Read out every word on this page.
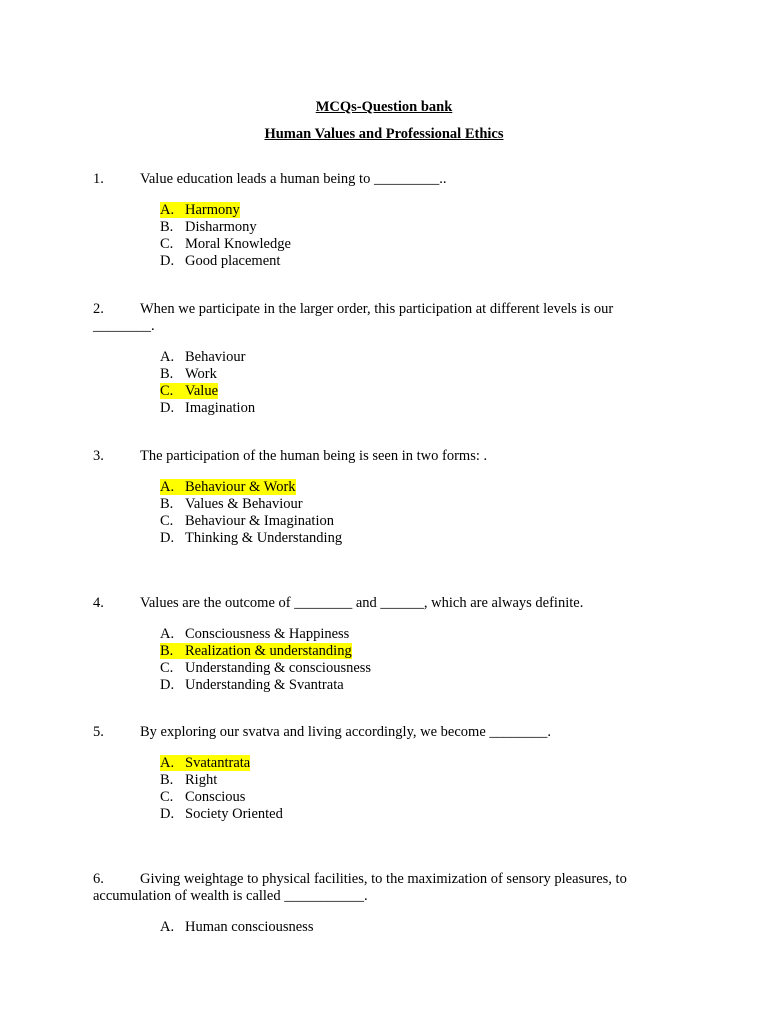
MCQs-Question bank
Human Values and Professional Ethics
1. Value education leads a human being to _________..
A. Harmony
B. Disharmony
C. Moral Knowledge
D. Good placement
2. When we participate in the larger order, this participation at different levels is our ________.
A. Behaviour
B. Work
C. Value
D. Imagination
3. The participation of the human being is seen in two forms: .
A. Behaviour & Work
B. Values & Behaviour
C. Behaviour & Imagination
D. Thinking & Understanding
4. Values are the outcome of ________ and ______, which are always definite.
A. Consciousness & Happiness
B. Realization & understanding
C. Understanding & consciousness
D. Understanding & Svantrata
5. By exploring our svatva and living accordingly, we become ________.
A. Svatantrata
B. Right
C. Conscious
D. Society Oriented
6. Giving weightage to physical facilities, to the maximization of sensory pleasures, to accumulation of wealth is called ___________.
A. Human consciousness
